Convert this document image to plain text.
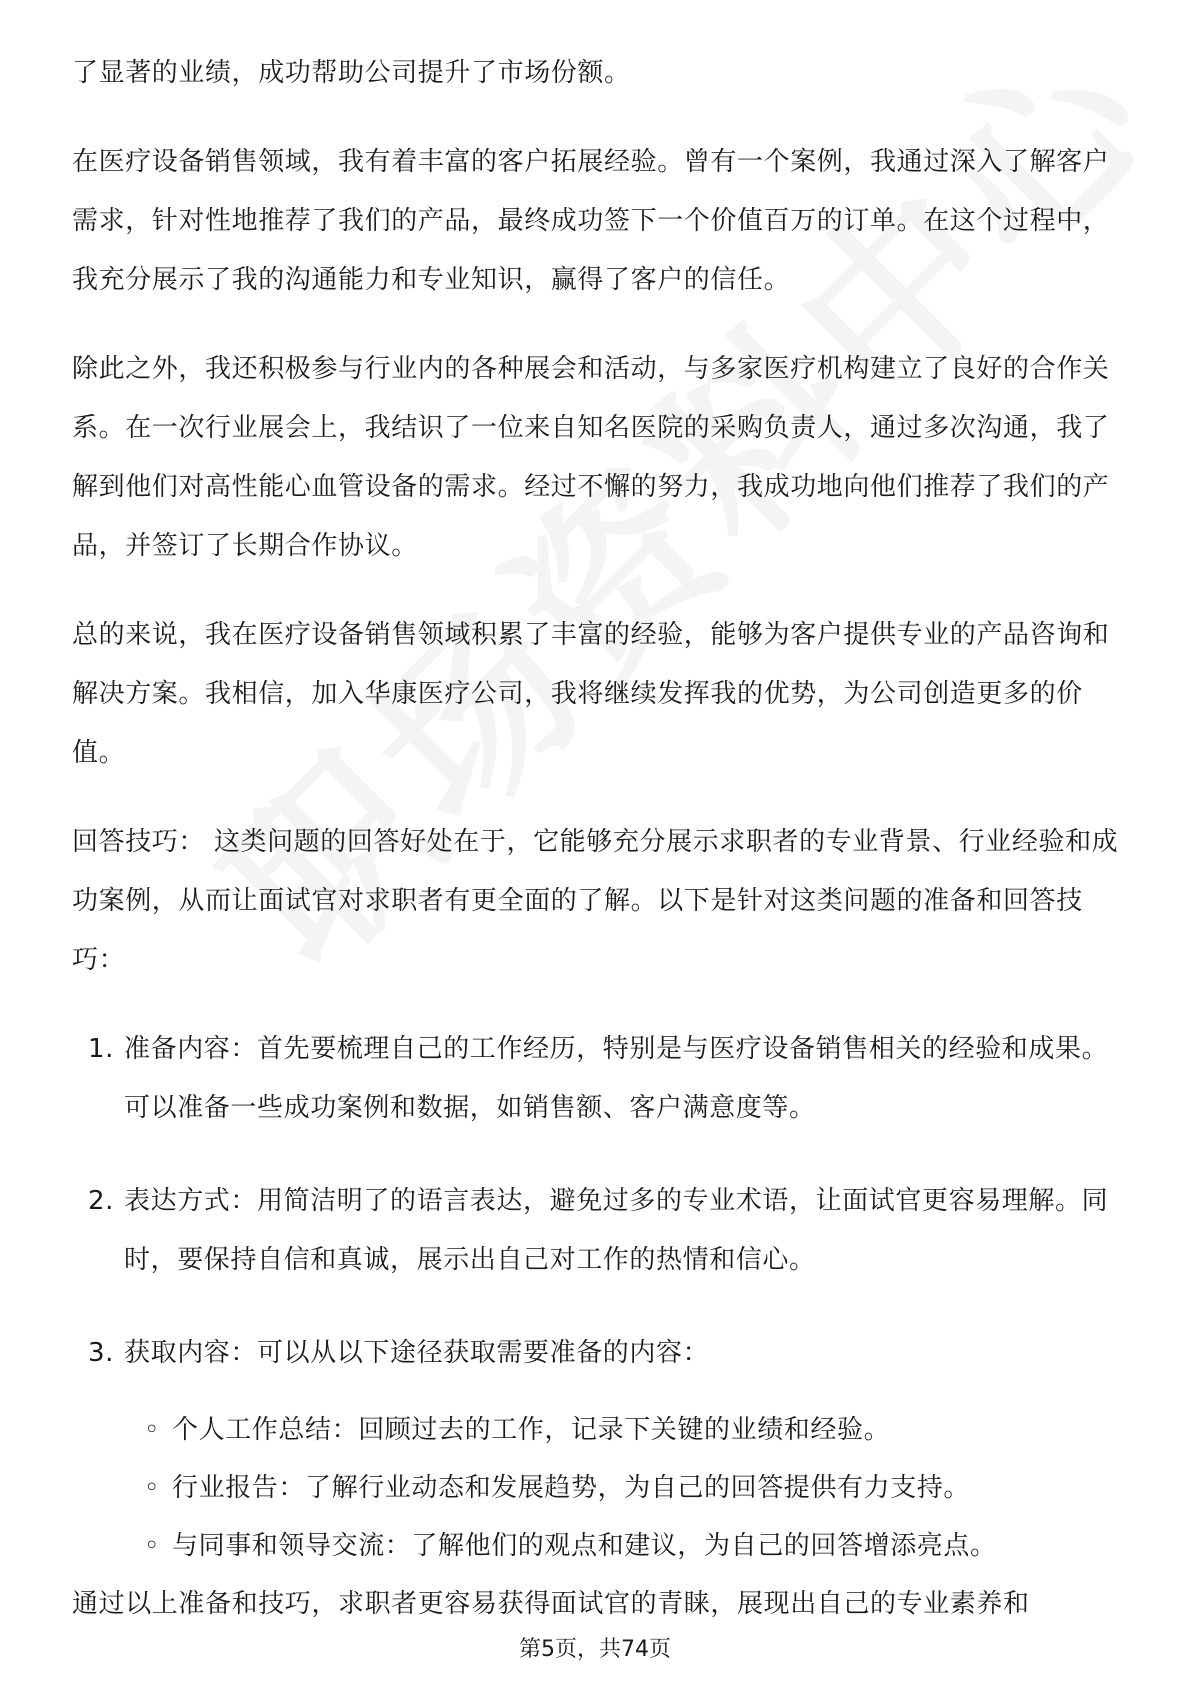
了显著的业绩，成功帮助公司提升了市场份额。

在医疗设备销售领域，我有着丰富的客户拓展经验。曾有一个案例，我通过深入了解客户需求，针对性地推荐了我们的产品，最终成功签下一个价值百万的订单。在这个过程中，我充分展示了我的沟通能力和专业知识，赢得了客户的信任。

除此之外，我还积极参与行业内的各种展会和活动，与多家医疗机构建立了良好的合作关系。在一次行业展会上，我结识了一位来自知名医院的采购负责人，通过多次沟通，我了解到他们对高性能心血管设备的需求。经过不懈的努力，我成功地向他们推荐了我们的产品，并签订了长期合作协议。

总的来说，我在医疗设备销售领域积累了丰富的经验，能够为客户提供专业的产品咨询和解决方案。我相信，加入华康医疗公司，我将继续发挥我的优势，为公司创造更多的价值。

回答技巧： 这类问题的回答好处在于，它能够充分展示求职者的专业背景、行业经验和成功案例，从而让面试官对求职者有更全面的了解。以下是针对这类问题的准备和回答技巧：

1. 准备内容：首先要梳理自己的工作经历，特别是与医疗设备销售相关的经验和成果。可以准备一些成功案例和数据，如销售额、客户满意度等。
2. 表达方式：用简洁明了的语言表达，避免过多的专业术语，让面试官更容易理解。同时，要保持自信和真诚，展示出自己对工作的热情和信心。
3. 获取内容：可以从以下途径获取需要准备的内容：
◦ 个人工作总结：回顾过去的工作，记录下关键的业绩和经验。
◦ 行业报告：了解行业动态和发展趋势，为自己的回答提供有力支持。
◦ 与同事和领导交流：了解他们的观点和建议，为自己的回答增添亮点。

通过以上准备和技巧，求职者更容易获得面试官的青睐，展现出自己的专业素养和

第5页，共74页
